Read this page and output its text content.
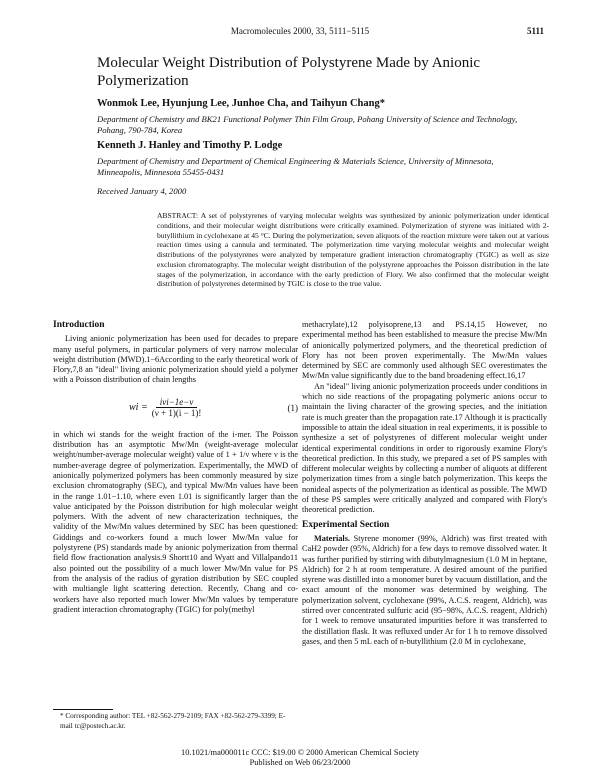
Macromolecules 2000, 33, 5111−5115	5111
Molecular Weight Distribution of Polystyrene Made by Anionic Polymerization
Wonmok Lee, Hyunjung Lee, Junhoe Cha, and Taihyun Chang*
Department of Chemistry and BK21 Functional Polymer Thin Film Group, Pohang University of Science and Technology, Pohang, 790-784, Korea
Kenneth J. Hanley and Timothy P. Lodge
Department of Chemistry and Department of Chemical Engineering & Materials Science, University of Minnesota, Minneapolis, Minnesota 55455-0431
Received January 4, 2000

ABSTRACT: A set of polystyrenes of varying molecular weights was synthesized by anionic polymerization under identical conditions, and their molecular weight distributions were critically examined. Polymerization of styrene was initiated with 2-butyllithium in cyclohexane at 45 °C. During the polymerization, seven aliquots of the reaction mixture were taken out at various reaction times using a cannula and terminated. The polymerization time varying molecular weights and molecular weight distributions of the polystyrenes were analyzed by temperature gradient interaction chromatography (TGIC) as well as size exclusion chromatography. The molecular weight distribution of the polystyrene approaches the Poisson distribution in the late stages of the polymerization, in accordance with the early prediction of Flory. We also confirmed that the molecular weight distribution of polystyrenes determined by TGIC is close to the true value.

Introduction

Living anionic polymerization has been used for decades to prepare many useful polymers, in particular polymers of very narrow molecular weight distribution (MWD).1−6According to the early theoretical work of Flory,7,8 an "ideal" living anionic polymerization should yield a polymer with a Poisson distribution of chain lengths

wi = $\frac{\text{iνi−1e−ν}}{(\nu + 1)(i - 1)!}$	(1)

in which wi stands for the weight fraction of the i-mer. The Poisson distribution has an asymptotic Mw/Mn (weight-average molecular weight/number-average molecular weight) value of 1 + 1/ν where ν is the number-average degree of polymerization. Experimentally, the MWD of anionically polymerized polymers has been commonly measured by size exclusion chromatography (SEC), and typical Mw/Mn values have been in the range 1.01−1.10, where even 1.01 is significantly larger than the value anticipated by the Poisson distribution for high molecular weight polymers. With the advent of new characterization techniques, the validity of the Mw/Mn values determined by SEC has been questioned: Giddings and co-workers found a much lower Mw/Mn value for polystyrene (PS) standards made by anionic polymerization from thermal field flow fractionation analysis.9 Shortt10 and Wyatt and Villalpando11 also pointed out the possibility of a much lower Mw/Mn value for PS from the analysis of the radius of gyration distribution by SEC coupled with multiangle light scattering detection. Recently, Chang and co-workers have also reported much lower Mw/Mn values by temperature gradient interaction chromatography (TGIC) for poly(methyl

methacrylate),12 polyisoprene,13 and PS.14,15 However, no experimental method has been established to measure the precise Mw/Mn of anionically polymerized polymers, and the theoretical prediction of Flory has not been proven experimentally. The Mw/Mn values determined by SEC are commonly used although SEC overestimates the Mw/Mn value significantly due to the band broadening effect.16,17

An "ideal" living anionic polymerization proceeds under conditions in which no side reactions of the propagating polymeric anions occur to maintain the living character of the growing species, and the initiation rate is much greater than the propagation rate.17 Although it is practically impossible to attain the ideal situation in real experiments, it is possible to synthesize a set of polystyrenes of different molecular weight under identical experimental conditions in order to rigorously examine Flory's theoretical prediction. In this study, we prepared a set of PS samples with different molecular weights by collecting a number of aliquots at different polymerization times from a single batch polymerization. This keeps the nonideal aspects of the polymerization as identical as possible. The MWD of these PS samples were critically analyzed and compared with Flory's theoretical prediction.

Experimental Section

Materials. Styrene monomer (99%, Aldrich) was first treated with CaH2 powder (95%, Aldrich) for a few days to remove dissolved water. It was further purified by stirring with dibutylmagnesium (1.0 M in heptane, Aldrich) for 2 h at room temperature. A desired amount of the purified styrene was distilled into a monomer buret by vacuum distillation, and the exact amount of the monomer was determined by weighing. The polymerization solvent, cyclohexane (99%, A.C.S. reagent, Aldrich), was stirred over concentrated sulfuric acid (95−98%, A.C.S. reagent, Aldrich) for 1 week to remove unsaturated impurities before it was transferred to the distillation flask. It was refluxed under Ar for 1 h to remove dissolved gases, and then 5 mL each of n-butyllithium (2.0 M in cyclohexane,

* Corresponding author: TEL +82-562-279-2109; FAX +82-562-279-3399; E-mail tc@postech.ac.kr.
10.1021/ma000011c CCC: $19.00 © 2000 American Chemical Society
Published on Web 06/23/2000
